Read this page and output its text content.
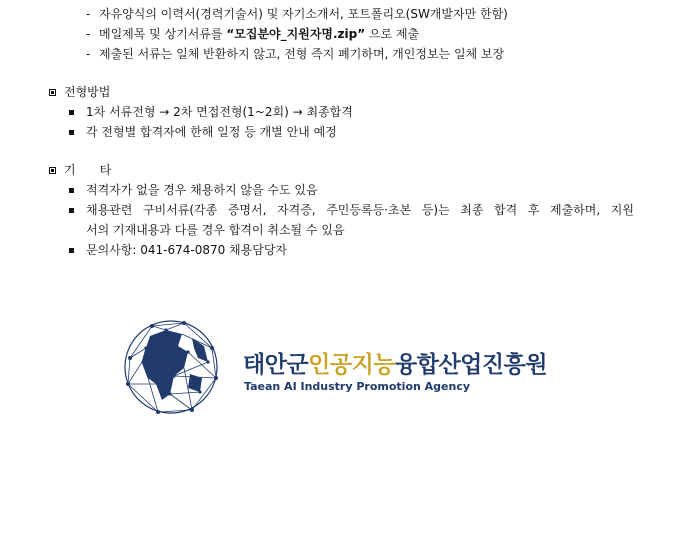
- 자유양식의 이력서(경력기술서) 및 자기소개서, 포트폴리오(SW개발자만 한함)
- 메일제목 및 상기서류를 “모집분야_지원자명.zip” 으로 제출
- 제출된 서류는 일체 반환하지 않고, 전형 즉지 폐기하며, 개인정보는 일체 보장
전형방법
1차 서류전형 → 2차 면접전형(1~2회) → 최종합격
각 전형별 합격자에 한해 일정 등 개별 안내 예정
기　　타
적격자가 없을 경우 채용하지 않을 수도 있음
채용관련 구비서류(각종 증명서, 자격증, 주민등록등·초본 등)는 최종 합격 후 제출하며, 지원
서의 기재내용과 다를 경우 합격이 취소될 수 있음
문의사항: 041-674-0870 채용담당자
태안군인공지능융합산업진흥원
Taean AI Industry Promotion Agency
